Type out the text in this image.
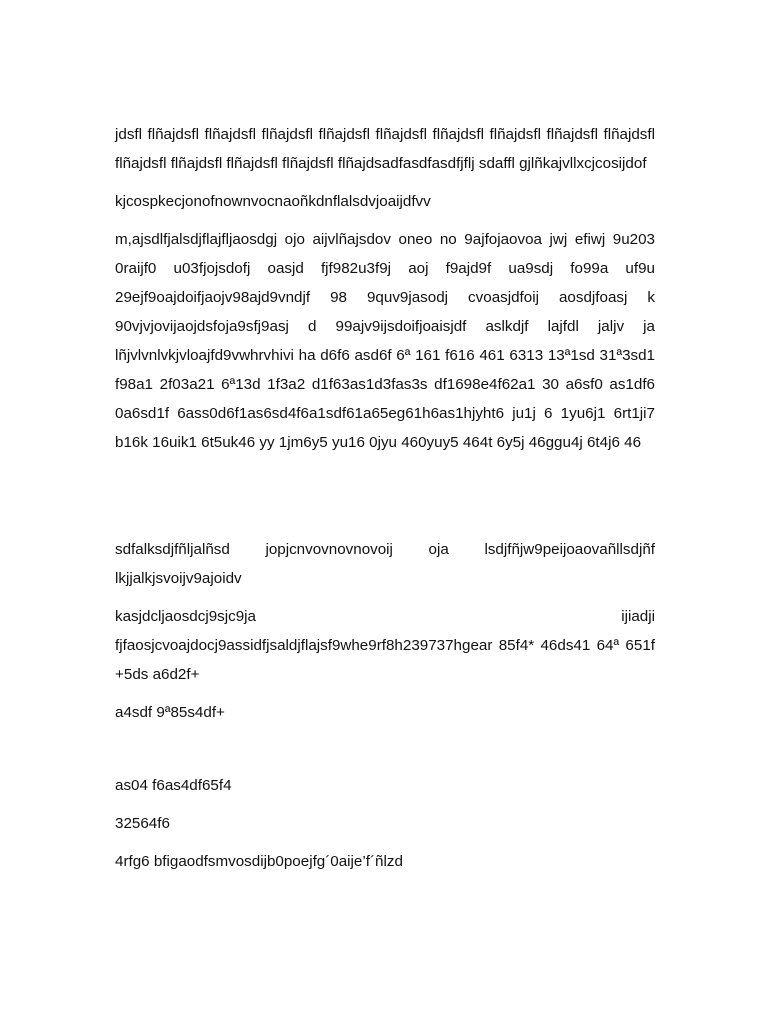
jdsfl flñajdsfl flñajdsfl flñajdsfl flñajdsfl flñajdsfl flñajdsfl flñajdsfl flñajdsfl flñajdsfl flñajdsfl flñajdsfl flñajdsfl flñajdsfl flñajdsadfasdfasdfjflj sdaffl gjlñkajvllxcjcosijdof

kjcospkecjonofnownvocnaoñkdnflalsdvjoaijdfvv

m,ajsdlfjalsdjflajfljaosdgj ojo aijvlñajsdov oneo no 9ajfojaovoa jwj efiwj 9u203 0raijf0 u03fjojsdofj oasjd fjf982u3f9j aoj f9ajd9f ua9sdj fo99a uf9u 29ejf9oajdoifjaojv98ajd9vndjf 98 9quv9jasodj cvoasjdfoij aosdjfoasj k 90vjvjovijaojdsfoja9sfj9asj d 99ajv9ijsdoifjoaisjdf aslkdjf lajfdl jaljv ja lñjvlvnlvkjvloajfd9vwhrvhivi ha d6f6 asd6f 6ª 161 f616 461 6313 13ª1sd 31ª3sd1 f98a1 2f03a21 6ª13d 1f3a2 d1f63as1d3fas3s df1698e4f62a1 30 a6sf0 as1df6 0a6sd1f 6ass0d6f1as6sd4f6a1sdf61a65eg61h6as1hjyht6 ju1j 6 1yu6j1 6rt1ji7 b16k 16uik1 6t5uk46 yy 1jm6y5 yu16 0jyu 460yuy5 464t 6y5j 46ggu4j 6t4j6 46

sdfalksdjfñljalñsd jopjcnvovnovnovoij oja lsdjfñjw9peijoaovañllsdjñf lkjjalkjsvoijv9ajoidv

kasjdcljaosdcj9sjc9ja	ijiadji

fjfaosjcvoajdocj9assidfjsaldjflajsf9whe9rf8h239737hgear 85f4* 46ds41 64ª 651f+5ds a6d2f+

a4sdf 9ª85s4df+

as04 f6as4df65f4

32564f6

4rfg6 bfigaodfsmvosdijb0poejfg´0aije’f´ñlzd
